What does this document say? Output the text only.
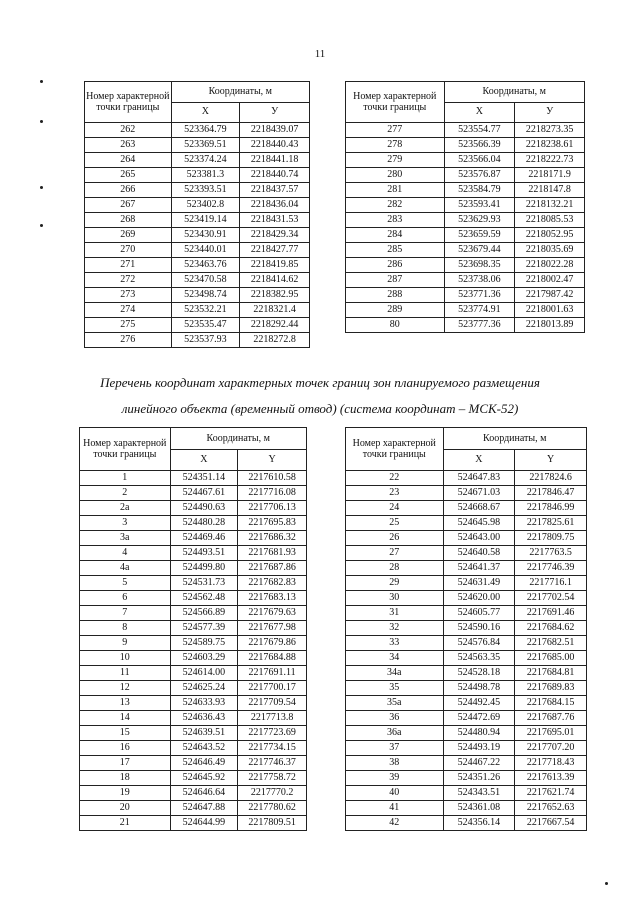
11
Номер характерной точки границы	Координаты, м	
	Х	У
262	523364.79	2218439.07
263	523369.51	2218440.43
264	523374.24	2218441.18
265	523381.3	2218440.74
266	523393.51	2218437.57
267	523402.8	2218436.04
268	523419.14	2218431.53
269	523430.91	2218429.34
270	523440.01	2218427.77
271	523463.76	2218419.85
272	523470.58	2218414.62
273	523498.74	2218382.95
274	523532.21	2218321.4
275	523535.47	2218292.44
276	523537.93	2218272.8
Номер характерной точки границы	Координаты, м	
	X	У
277	523554.77	2218273.35
278	523566.39	2218238.61
279	523566.04	2218222.73
280	523576.87	2218171.9
281	523584.79	2218147.8
282	523593.41	2218132.21
283	523629.93	2218085.53
284	523659.59	2218052.95
285	523679.44	2218035.69
286	523698.35	2218022.28
287	523738.06	2218002.47
288	523771.36	2217987.42
289	523774.91	2218001.63
80	523777.36	2218013.89
Перечень координат характерных точек границ зон планируемого размещения
линейного объекта (временный отвод) (система координат – МСК-52)
Номер характерной точки границы	Координаты, м	
	X	Y
1	524351.14	2217610.58
2	524467.61	2217716.08
2а	524490.63	2217706.13
3	524480.28	2217695.83
3а	524469.46	2217686.32
4	524493.51	2217681.93
4а	524499.80	2217687.86
5	524531.73	2217682.83
6	524562.48	2217683.13
7	524566.89	2217679.63
8	524577.39	2217677.98
9	524589.75	2217679.86
10	524603.29	2217684.88
11	524614.00	2217691.11
12	524625.24	2217700.17
13	524633.93	2217709.54
14	524636.43	2217713.8
15	524639.51	2217723.69
16	524643.52	2217734.15
17	524646.49	2217746.37
18	524645.92	2217758.72
19	524646.64	2217770.2
20	524647.88	2217780.62
21	524644.99	2217809.51
Номер характерной точки границы	Координаты, м	
	X	Y
22	524647.83	2217824.6
23	524671.03	2217846.47
24	524668.67	2217846.99
25	524645.98	2217825.61
26	524643.00	2217809.75
27	524640.58	2217763.5
28	524641.37	2217746.39
29	524631.49	2217716.1
30	524620.00	2217702.54
31	524605.77	2217691.46
32	524590.16	2217684.62
33	524576.84	2217682.51
34	524563.35	2217685.00
34а	524528.18	2217684.81
35	524498.78	2217689.83
35а	524492.45	2217684.15
36	524472.69	2217687.76
36а	524480.94	2217695.01
37	524493.19	2217707.20
38	524467.22	2217718.43
39	524351.26	2217613.39
40	524343.51	2217621.74
41	524361.08	2217652.63
42	524356.14	2217667.54
